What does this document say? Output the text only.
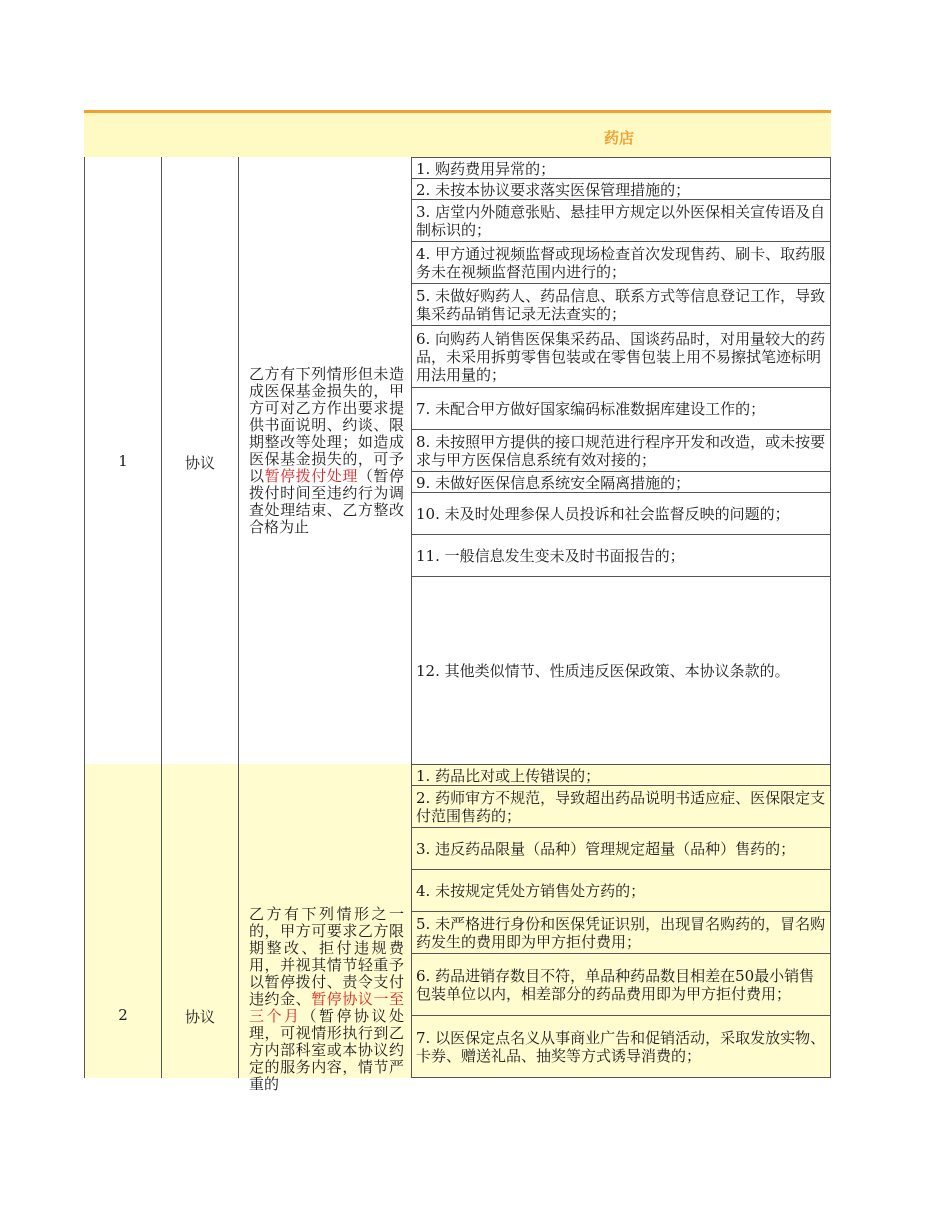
药店
1	协议
乙方有下列情形但未造成医保基金损失的，甲方可对乙方作出要求提供书面说明、约谈、限期整改等处理；如造成医保基金损失的，可予以暂停拨付处理（暂停拨付时间至违约行为调查处理结束、乙方整改合格为止
1. 购药费用异常的；
2. 未按本协议要求落实医保管理措施的；
3. 店堂内外随意张贴、悬挂甲方规定以外医保相关宣传语及自制标识的；
4. 甲方通过视频监督或现场检查首次发现售药、刷卡、取药服务未在视频监督范围内进行的；
5. 未做好购药人、药品信息、联系方式等信息登记工作，导致集采药品销售记录无法查实的；
6. 向购药人销售医保集采药品、国谈药品时，对用量较大的药品，未采用拆剪零售包装或在零售包装上用不易擦拭笔迹标明用法用量的；
7. 未配合甲方做好国家编码标准数据库建设工作的；
8. 未按照甲方提供的接口规范进行程序开发和改造，或未按要求与甲方医保信息系统有效对接的；
9. 未做好医保信息系统安全隔离措施的；
10. 未及时处理参保人员投诉和社会监督反映的问题的；
11. 一般信息发生变未及时书面报告的；
12. 其他类似情节、性质违反医保政策、本协议条款的。
2	协议
乙方有下列情形之一的，甲方可要求乙方限期整改、拒付违规费用，并视其情节轻重予以暂停拨付、责令支付违约金、暂停协议一至三个月（暂停协议处理，可视情形执行到乙方内部科室或本协议约定的服务内容，情节严重的
1. 药品比对或上传错误的；
2. 药师审方不规范，导致超出药品说明书适应症、医保限定支付范围售药的；
3. 违反药品限量（品种）管理规定超量（品种）售药的；
4. 未按规定凭处方销售处方药的；
5. 未严格进行身份和医保凭证识别，出现冒名购药的，冒名购药发生的费用即为甲方拒付费用；
6. 药品进销存数目不符，单品种药品数目相差在50最小销售包装单位以内，相差部分的药品费用即为甲方拒付费用；
7. 以医保定点名义从事商业广告和促销活动，采取发放实物、卡券、赠送礼品、抽奖等方式诱导消费的；
